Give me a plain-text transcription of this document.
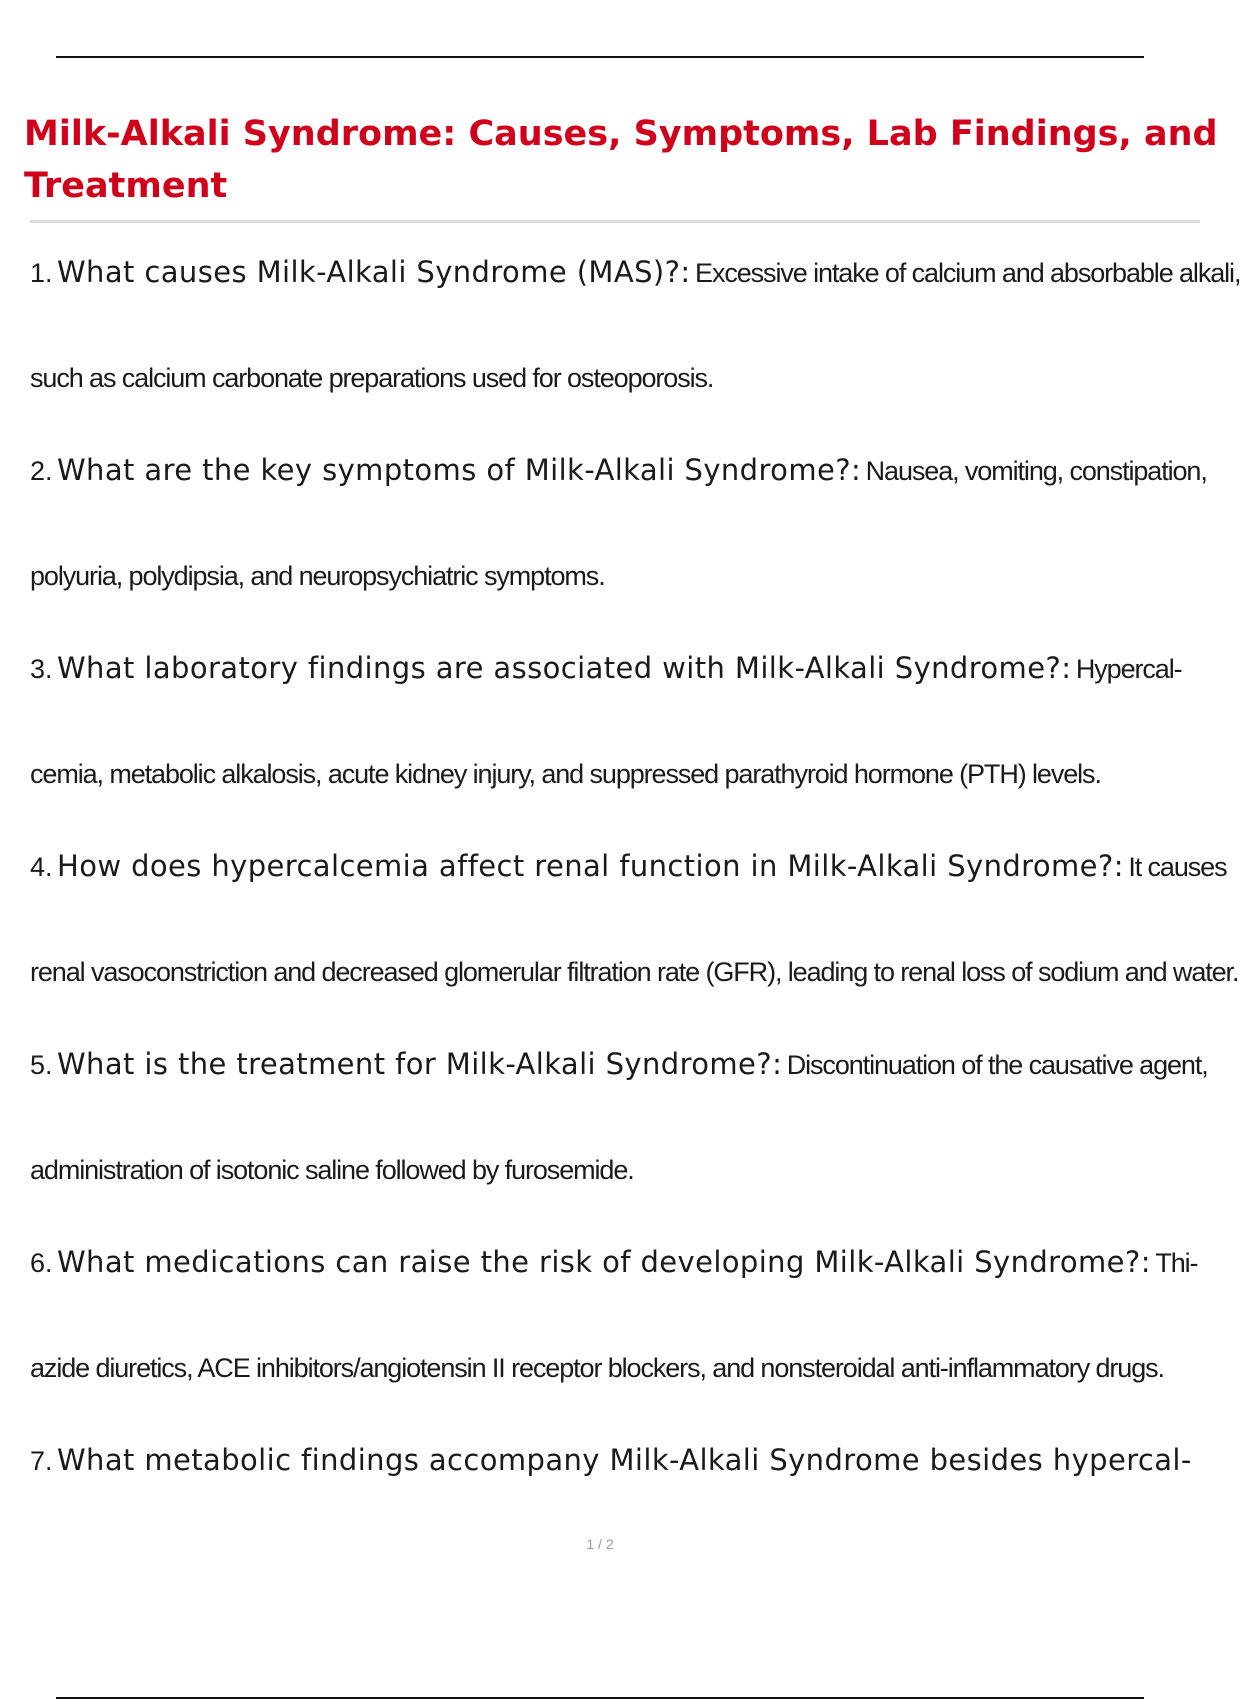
Milk-Alkali Syndrome: Causes, Symptoms, Lab Findings, and
Treatment
1. What causes Milk-Alkali Syndrome (MAS)?: Excessive intake of calcium and absorbable alkali,
such as calcium carbonate preparations used for osteoporosis.
2. What are the key symptoms of Milk-Alkali Syndrome?: Nausea, vomiting, constipation,
polyuria, polydipsia, and neuropsychiatric symptoms.
3. What laboratory findings are associated with Milk-Alkali Syndrome?: Hypercal-
cemia, metabolic alkalosis, acute kidney injury, and suppressed parathyroid hormone (PTH) levels.
4. How does hypercalcemia affect renal function in Milk-Alkali Syndrome?: It causes
renal vasoconstriction and decreased glomerular filtration rate (GFR), leading to renal loss of sodium and water.
5. What is the treatment for Milk-Alkali Syndrome?: Discontinuation of the causative agent,
administration of isotonic saline followed by furosemide.
6. What medications can raise the risk of developing Milk-Alkali Syndrome?: Thi-
azide diuretics, ACE inhibitors/angiotensin II receptor blockers, and nonsteroidal anti-inflammatory drugs.
7. What metabolic findings accompany Milk-Alkali Syndrome besides hypercal-
1 / 2
